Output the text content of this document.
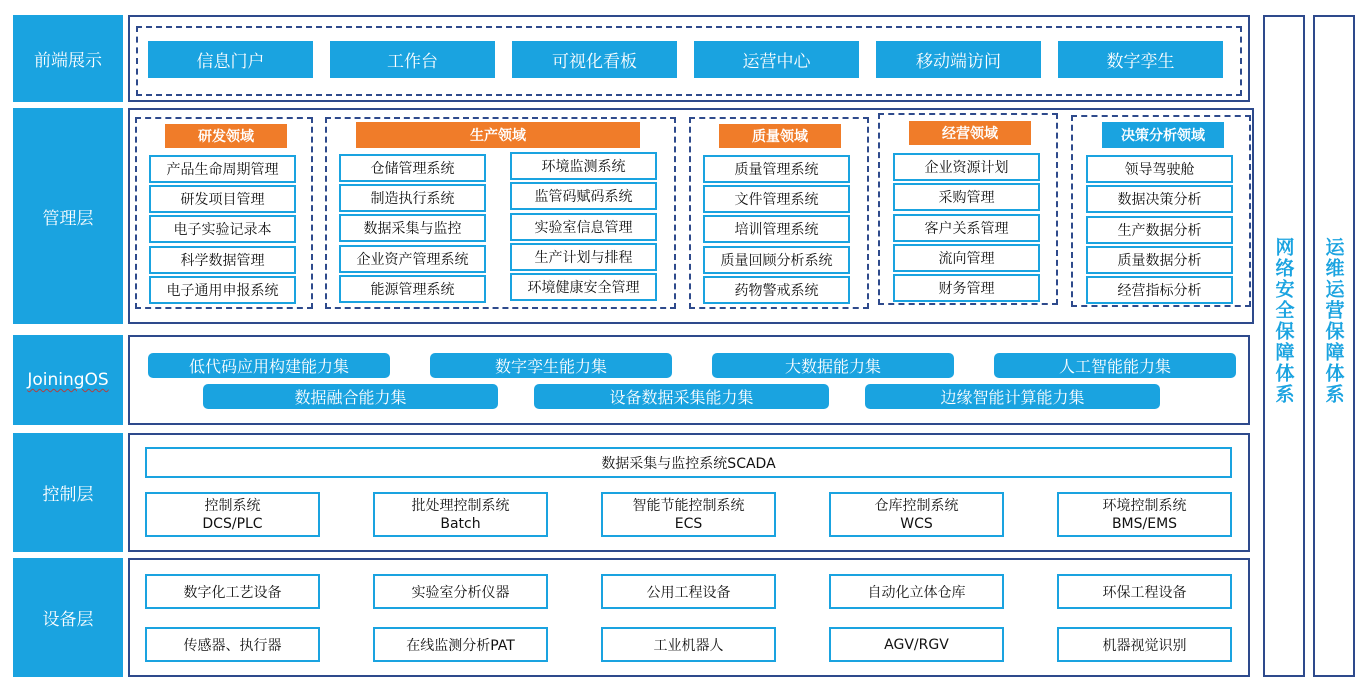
前端展示
管理层
JoiningOS
控制层
设备层
信息门户	工作台	可视化看板	运营中心	移动端访问	数字孪生
研发领域
产品生命周期管理
研发项目管理
电子实验记录本
科学数据管理
电子通用申报系统
生产领域
仓储管理系统
制造执行系统
数据采集与监控
企业资产管理系统
能源管理系统
环境监测系统
监管码赋码系统
实验室信息管理
生产计划与排程
环境健康安全管理
质量领域
质量管理系统
文件管理系统
培训管理系统
质量回顾分析系统
药物警戒系统
经营领域
企业资源计划
采购管理
客户关系管理
流向管理
财务管理
决策分析领域
领导驾驶舱
数据决策分析
生产数据分析
质量数据分析
经营指标分析
低代码应用构建能力集	数字孪生能力集	大数据能力集	人工智能能力集
数据融合能力集	设备数据采集能力集	边缘智能计算能力集
数据采集与监控系统SCADA
控制系统
DCS/PLC
批处理控制系统
Batch
智能节能控制系统
ECS
仓库控制系统
WCS
环境控制系统
BMS/EMS
数字化工艺设备	实验室分析仪器	公用工程设备	自动化立体仓库	环保工程设备
传感器、执行器	在线监测分析PAT	工业机器人	AGV/RGV	机器视觉识别
网络安全保障体系 运维运营保障体系
